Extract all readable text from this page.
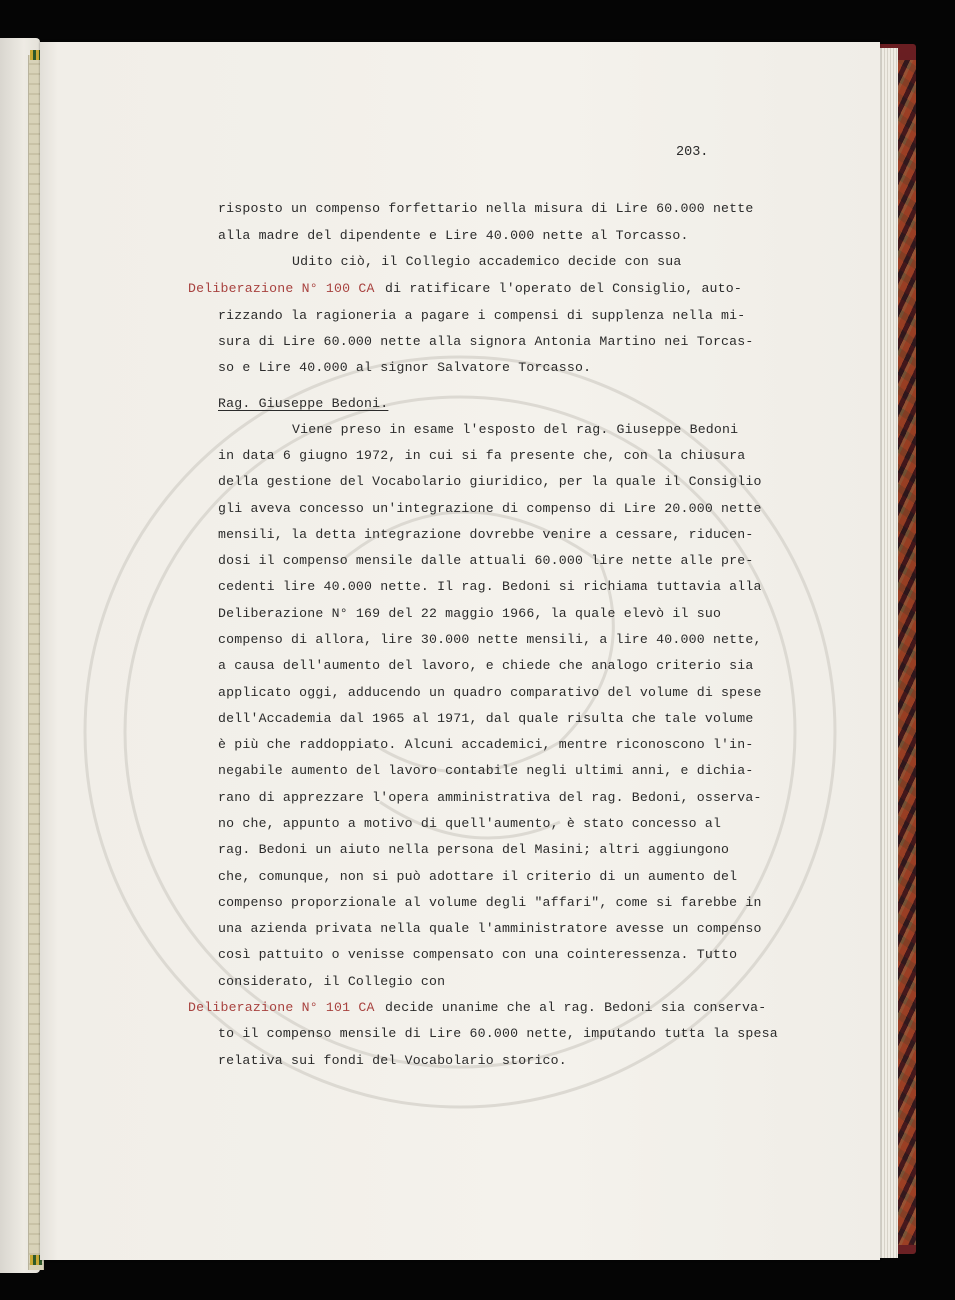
203.
risposto un compenso forfettario nella misura di Lire 60.000 nette
alla madre del dipendente e Lire 40.000 nette al Torcasso.
Udito ciò, il Collegio accademico decide con sua
Deliberazione N° 100 CA di ratificare l'operato del Consiglio, auto-
rizzando la ragioneria a pagare i compensi di supplenza nella mi-
sura di Lire 60.000 nette alla signora Antonia Martino nei Torcas-
so e Lire 40.000 al signor Salvatore Torcasso.
Rag. Giuseppe Bedoni.
Viene preso in esame l'esposto del rag. Giuseppe Bedoni
in data 6 giugno 1972, in cui si fa presente che, con la chiusura
della gestione del Vocabolario giuridico, per la quale il Consiglio
gli aveva concesso un'integrazione di compenso di Lire 20.000 nette
mensili, la detta integrazione dovrebbe venire a cessare, riducen-
dosi il compenso mensile dalle attuali 60.000 lire nette alle pre-
cedenti lire 40.000 nette. Il rag. Bedoni si richiama tuttavia alla
Deliberazione N° 169 del 22 maggio 1966, la quale elevò il suo
compenso di allora, lire 30.000 nette mensili, a lire 40.000 nette,
a causa dell'aumento del lavoro, e chiede che analogo criterio sia
applicato oggi, adducendo un quadro comparativo del volume di spese
dell'Accademia dal 1965 al 1971, dal quale risulta che tale volume
è più che raddoppiato. Alcuni accademici, mentre riconoscono l'in-
negabile aumento del lavoro contabile negli ultimi anni, e dichia-
rano di apprezzare l'opera amministrativa del rag. Bedoni, osserva-
no che, appunto a motivo di quell'aumento, è stato concesso al
rag. Bedoni un aiuto nella persona del Masini; altri aggiungono
che, comunque, non si può adottare il criterio di un aumento del
compenso proporzionale al volume degli "affari", come si farebbe in
una azienda privata nella quale l'amministratore avesse un compenso
così pattuito o venisse compensato con una cointeressenza. Tutto
considerato, il Collegio con
Deliberazione N° 101 CA decide unanime che al rag. Bedoni sia conserva-
to il compenso mensile di Lire 60.000 nette, imputando tutta la spesa
relativa sui fondi del Vocabolario storico.
